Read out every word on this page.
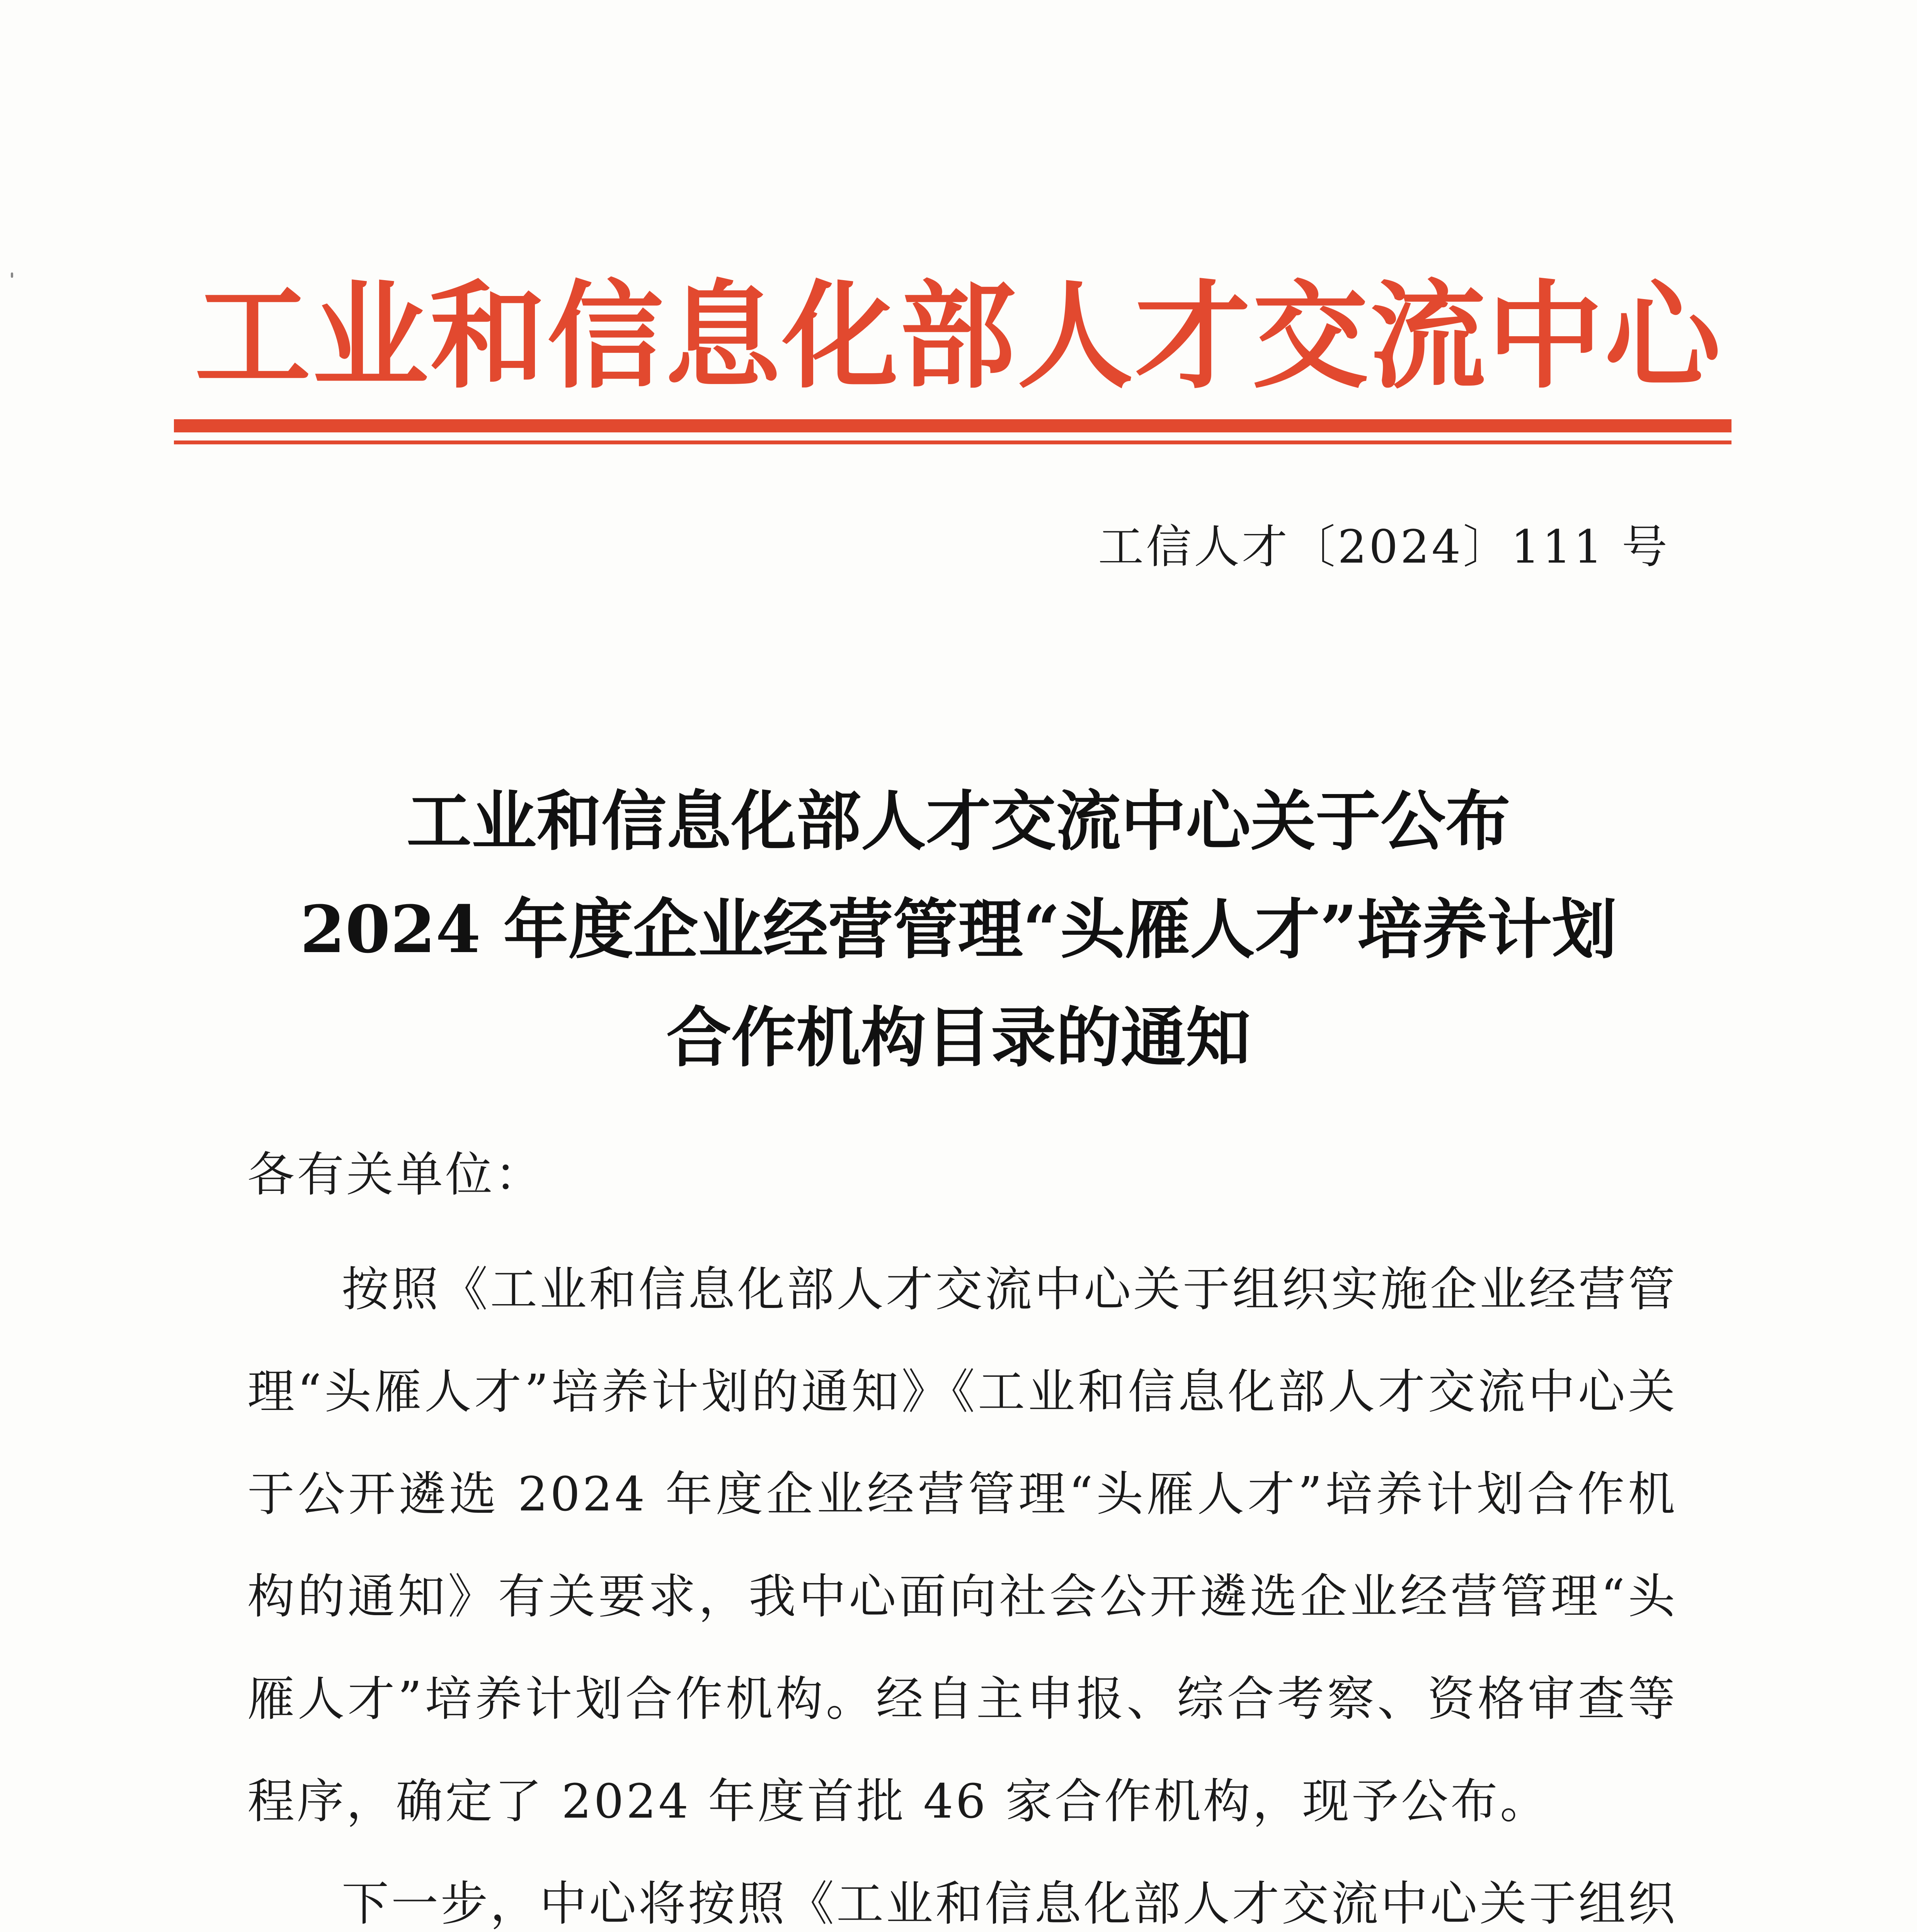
工业和信息化部人才交流中心
工信人才〔2024〕111 号
工业和信息化部人才交流中心关于公布
2024 年度企业经营管理“头雁人才”培养计划
合作机构目录的通知
各有关单位：

按照《工业和信息化部人才交流中心关于组织实施企业经营管理“头雁人才”培养计划的通知》《工业和信息化部人才交流中心关于公开遴选 2024 年度企业经营管理“头雁人才”培养计划合作机构的通知》有关要求，我中心面向社会公开遴选企业经营管理“头雁人才”培养计划合作机构。经自主申报、综合考察、资格审查等程序，确定了 2024 年度首批 46 家合作机构，现予公布。

下一步，中心将按照《工业和信息化部人才交流中心关于组织
